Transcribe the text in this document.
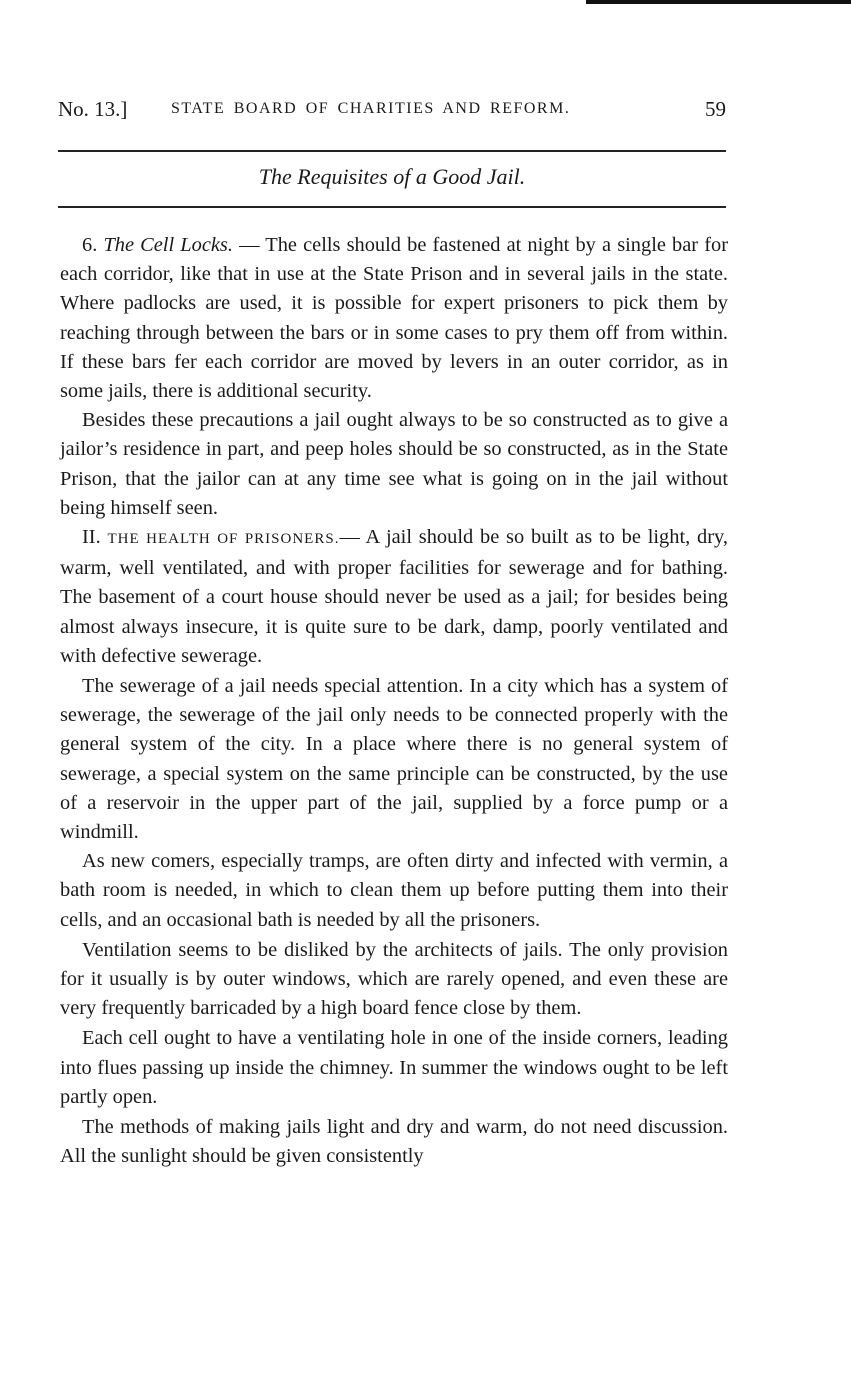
No. 13.]	STATE BOARD OF CHARITIES AND REFORM.	59
The Requisites of a Good Jail.

6. The Cell Locks. — The cells should be fastened at night by a single bar for each corridor, like that in use at the State Prison and in several jails in the state. Where padlocks are used, it is possible for expert prisoners to pick them by reaching through between the bars or in some cases to pry them off from within. If these bars fer each corridor are moved by levers in an outer corridor, as in some jails, there is additional security.

Besides these precautions a jail ought always to be so constructed as to give a jailor’s residence in part, and peep holes should be so constructed, as in the State Prison, that the jailor can at any time see what is going on in the jail without being himself seen.

II. THE HEALTH OF PRISONERS.— A jail should be so built as to be light, dry, warm, well ventilated, and with proper facilities for sewerage and for bathing. The basement of a court house should never be used as a jail; for besides being almost always insecure, it is quite sure to be dark, damp, poorly ventilated and with defective sewerage.

The sewerage of a jail needs special attention. In a city which has a system of sewerage, the sewerage of the jail only needs to be connected properly with the general system of the city. In a place where there is no general system of sewerage, a special system on the same principle can be constructed, by the use of a reservoir in the upper part of the jail, supplied by a force pump or a windmill.

As new comers, especially tramps, are often dirty and infected with vermin, a bath room is needed, in which to clean them up before putting them into their cells, and an occasional bath is needed by all the prisoners.

Ventilation seems to be disliked by the architects of jails. The only provision for it usually is by outer windows, which are rarely opened, and even these are very frequently barricaded by a high board fence close by them.

Each cell ought to have a ventilating hole in one of the inside corners, leading into flues passing up inside the chimney. In summer the windows ought to be left partly open.

The methods of making jails light and dry and warm, do not need discussion. All the sunlight should be given consistently
